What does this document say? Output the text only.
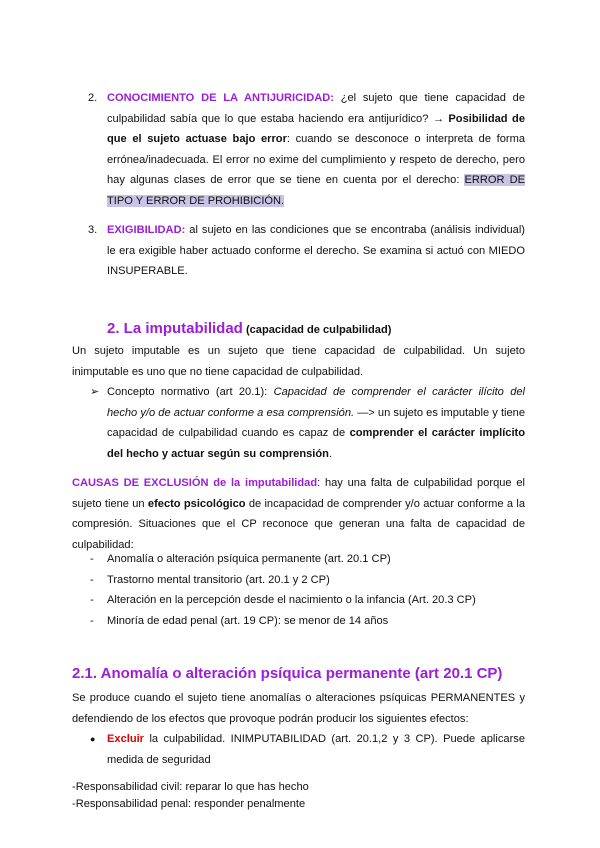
2. CONOCIMIENTO DE LA ANTIJURICIDAD: ¿el sujeto que tiene capacidad de culpabilidad sabía que lo que estaba haciendo era antijurídico? → Posibilidad de que el sujeto actuase bajo error: cuando se desconoce o interpreta de forma errónea/inadecuada. El error no exime del cumplimiento y respeto de derecho, pero hay algunas clases de error que se tiene en cuenta por el derecho: ERROR DE TIPO Y ERROR DE PROHIBICIÓN.

3. EXIGIBILIDAD: al sujeto en las condiciones que se encontraba (análisis individual) le era exigible haber actuado conforme el derecho. Se examina si actuó con MIEDO INSUPERABLE.

2. La imputabilidad (capacidad de culpabilidad)

Un sujeto imputable es un sujeto que tiene capacidad de culpabilidad. Un sujeto inimputable es uno que no tiene capacidad de culpabilidad.

➢ Concepto normativo (art 20.1): Capacidad de comprender el carácter ilícito del hecho y/o de actuar conforme a esa comprensión. —> un sujeto es imputable y tiene capacidad de culpabilidad cuando es capaz de comprender el carácter implícito del hecho y actuar según su comprensión.

CAUSAS DE EXCLUSIÓN de la imputabilidad: hay una falta de culpabilidad porque el sujeto tiene un efecto psicológico de incapacidad de comprender y/o actuar conforme a la compresión. Situaciones que el CP reconoce que generan una falta de capacidad de culpabilidad:

- Anomalía o alteración psíquica permanente (art. 20.1 CP)
- Trastorno mental transitorio (art. 20.1 y 2 CP)
- Alteración en la percepción desde el nacimiento o la infancia (Art. 20.3 CP)
- Minoría de edad penal (art. 19 CP): se menor de 14 años
2.1. Anomalía o alteración psíquica permanente (art 20.1 CP)

Se produce cuando el sujeto tiene anomalías o alteraciones psíquicas PERMANENTES y defendiendo de los efectos que provoque podrán producir los siguientes efectos:

● Excluir la culpabilidad. INIMPUTABILIDAD (art. 20.1,2 y 3 CP). Puede aplicarse medida de seguridad

-Responsabilidad civil: reparar lo que has hecho

-Responsabilidad penal: responder penalmente
